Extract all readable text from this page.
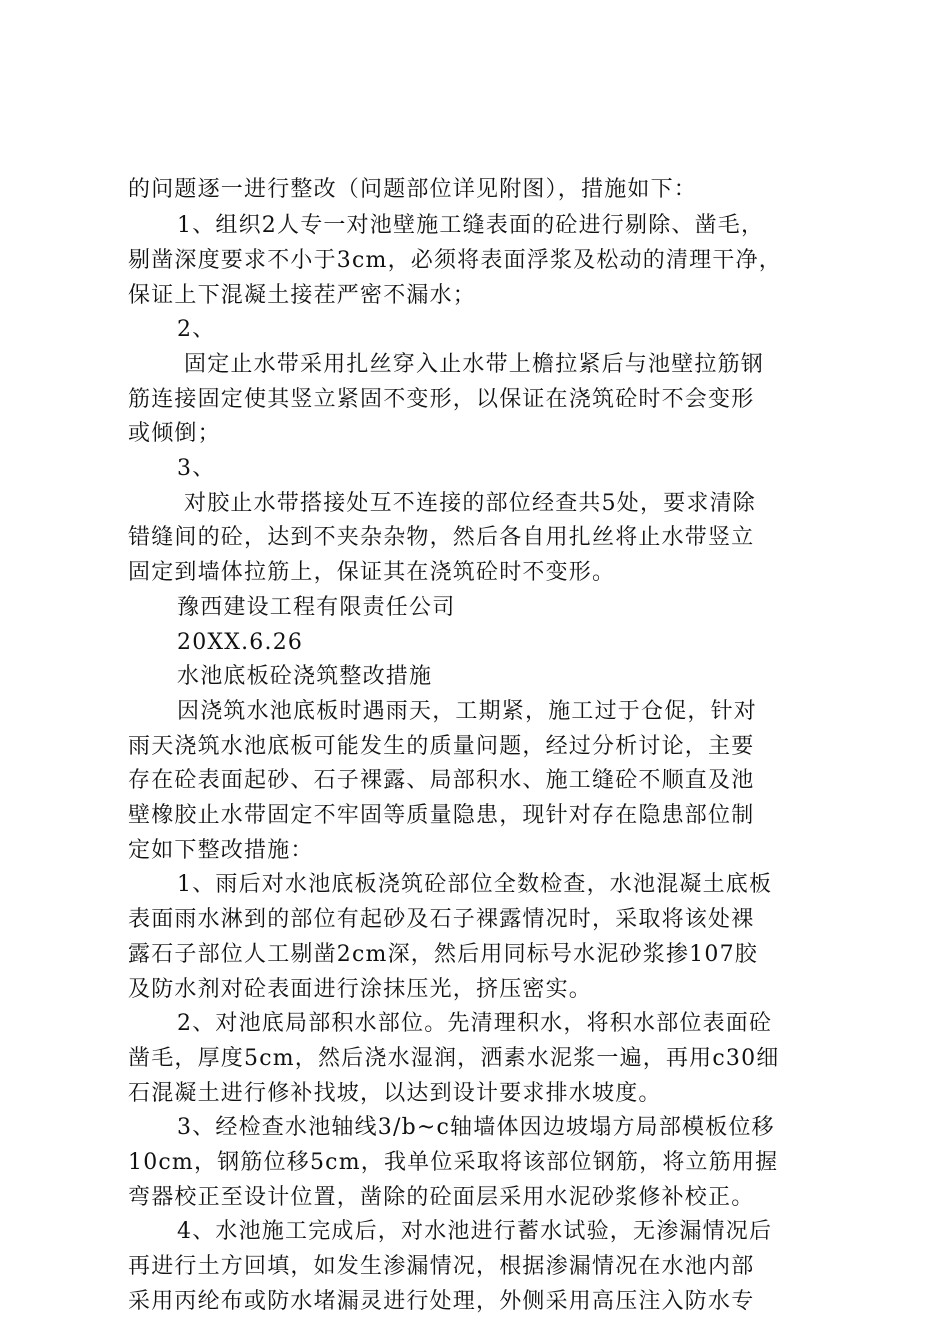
的问题逐一进行整改（问题部位详见附图），措施如下：
1、组织2人专一对池壁施工缝表面的砼进行剔除、凿毛，
剔凿深度要求不小于3cm，必须将表面浮浆及松动的清理干净，
保证上下混凝土接茬严密不漏水；
2、
固定止水带采用扎丝穿入止水带上檐拉紧后与池壁拉筋钢
筋连接固定使其竖立紧固不变形，以保证在浇筑砼时不会变形
或倾倒；
3、
对胶止水带搭接处互不连接的部位经查共5处，要求清除
错缝间的砼，达到不夹杂杂物，然后各自用扎丝将止水带竖立
固定到墙体拉筋上，保证其在浇筑砼时不变形。
豫西建设工程有限责任公司
20XX.6.26
水池底板砼浇筑整改措施
因浇筑水池底板时遇雨天，工期紧，施工过于仓促，针对
雨天浇筑水池底板可能发生的质量问题，经过分析讨论，主要
存在砼表面起砂、石子裸露、局部积水、施工缝砼不顺直及池
壁橡胶止水带固定不牢固等质量隐患，现针对存在隐患部位制
定如下整改措施：
1、雨后对水池底板浇筑砼部位全数检查，水池混凝土底板
表面雨水淋到的部位有起砂及石子裸露情况时，采取将该处裸
露石子部位人工剔凿2cm深，然后用同标号水泥砂浆掺107胶
及防水剂对砼表面进行涂抹压光，挤压密实。
2、对池底局部积水部位。先清理积水，将积水部位表面砼
凿毛，厚度5cm，然后浇水湿润，洒素水泥浆一遍，再用c30细
石混凝土进行修补找坡，以达到设计要求排水坡度。
3、经检查水池轴线3/b~c轴墙体因边坡塌方局部模板位移
10cm，钢筋位移5cm，我单位采取将该部位钢筋，将立筋用握
弯器校正至设计位置，凿除的砼面层采用水泥砂浆修补校正。
4、水池施工完成后，对水池进行蓄水试验，无渗漏情况后
再进行土方回填，如发生渗漏情况，根据渗漏情况在水池内部
采用丙纶布或防水堵漏灵进行处理，外侧采用高压注入防水专
